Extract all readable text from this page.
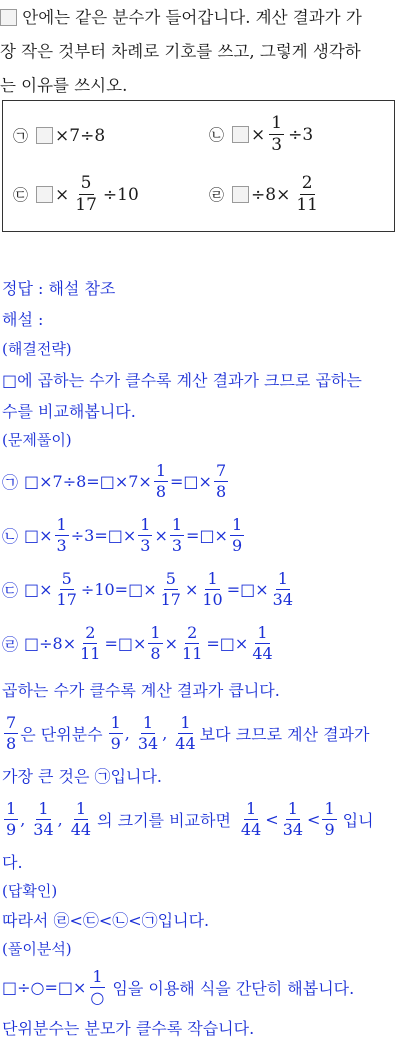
안에는 같은 분수가 들어갑니다. 계산 결과가 가
장 작은 것부터 차례로 기호를 쓰고, 그렇게 생각하
는 이유를 쓰시오.
㉠ ×7÷8	㉡ × $\frac{1}{3} \div 3$
㉢ × $\frac{5}{17} \div 10$	㉣ $\div 8\times \frac{2}{11}$
정답 : 해설 참조
해설 :
(해결전략)
□에 곱하는 수가 클수록 계산 결과가 크므로 곱하는
수를 비교해봅니다.
(문제풀이)
㉠ □×7÷8=□×7× $\frac{1}{8}$ =□× $\frac{7}{8}$
㉡ □× $\frac{1}{3}$ ÷3=□× $\frac{1}{3} \times \frac{1}{3}$ =□× $\frac{1}{9}$
㉢ □× $\frac{5}{17}$ ÷10=□× $\frac{5}{17} \times \frac{1}{10}$ =□× $\frac{1}{34}$
㉣ □÷8× $\frac{2}{11}$ =□× $\frac{1}{8} \times \frac{2}{11}$ =□× $\frac{1}{44}$
곱하는 수가 클수록 계산 결과가 큽니다.
$\frac{7}{8}$ 은 단위분수 $\frac{1}{9}$ , $\frac{1}{34}$ , $\frac{1}{44}$ 보다 크므로 계산 결과가
가장 큰 것은 ㉠입니다.
$\frac{1}{9}$ , $\frac{1}{34}$ , $\frac{1}{44}$ 의 크기를 비교하면 $\frac{1}{44} < \frac{1}{34} < \frac{1}{9}$ 입니
다.
(답확인)
따라서 ㉣<㉢<㉡<㉠입니다.
(풀이분석)
□÷○=□× $\frac{1}{○}$ 임을 이용해 식을 간단히 해봅니다.
단위분수는 분모가 클수록 작습니다.
